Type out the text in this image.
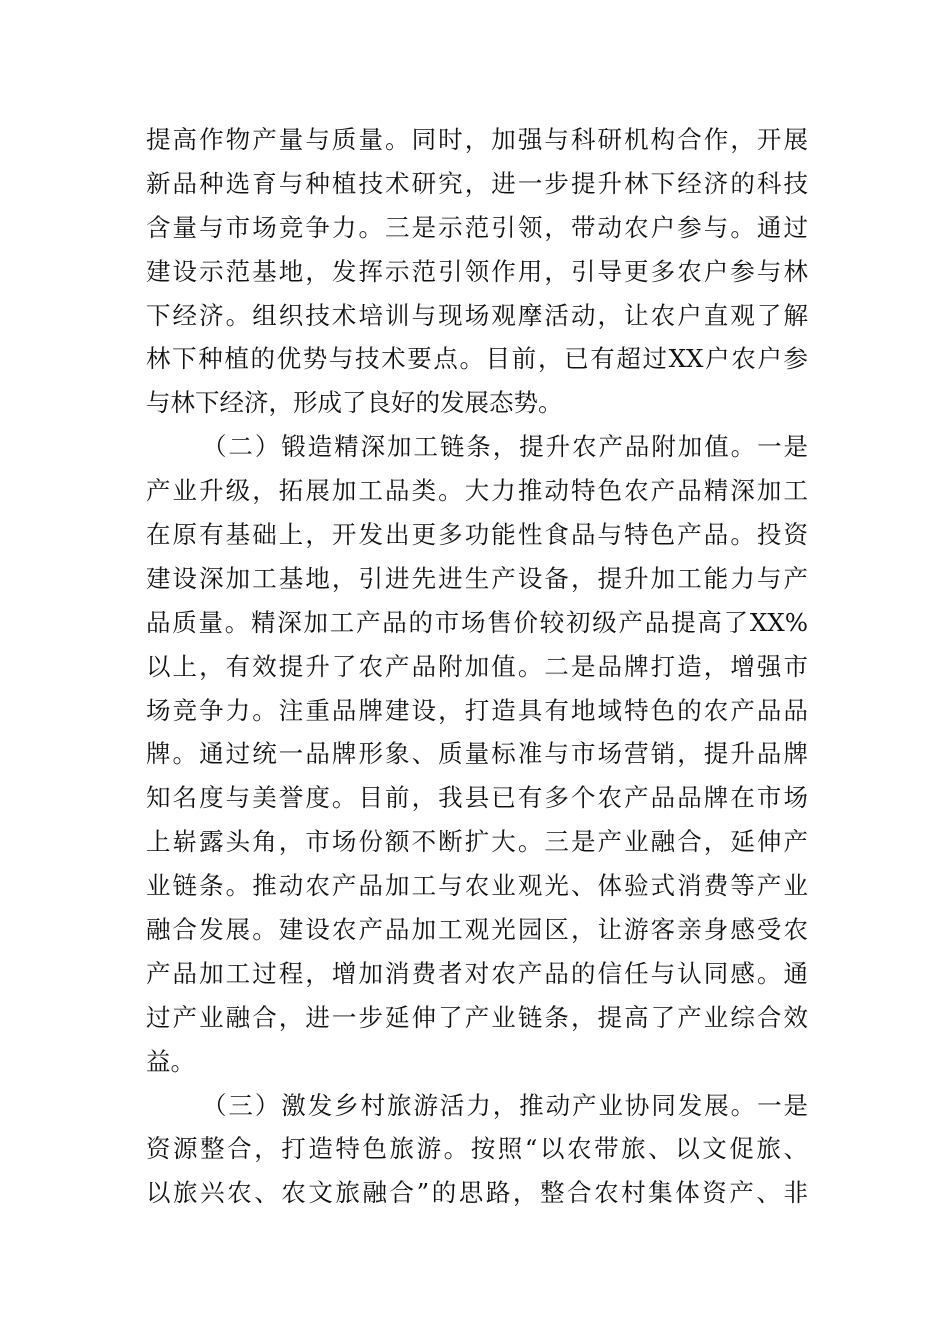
提高作物产量与质量。同时，加强与科研机构合作，开展
新品种选育与种植技术研究，进一步提升林下经济的科技
含量与市场竞争力。三是示范引领，带动农户参与。通过
建设示范基地，发挥示范引领作用，引导更多农户参与林
下经济。组织技术培训与现场观摩活动，让农户直观了解
林下种植的优势与技术要点。目前，已有超过XX户农户参
与林下经济，形成了良好的发展态势。
（二）锻造精深加工链条，提升农产品附加值。一是
产业升级，拓展加工品类。大力推动特色农产品精深加工
在原有基础上，开发出更多功能性食品与特色产品。投资
建设深加工基地，引进先进生产设备，提升加工能力与产
品质量。精深加工产品的市场售价较初级产品提高了XX%
以上，有效提升了农产品附加值。二是品牌打造，增强市
场竞争力。注重品牌建设，打造具有地域特色的农产品品
牌。通过统一品牌形象、质量标准与市场营销，提升品牌
知名度与美誉度。目前，我县已有多个农产品品牌在市场
上崭露头角，市场份额不断扩大。三是产业融合，延伸产
业链条。推动农产品加工与农业观光、体验式消费等产业
融合发展。建设农产品加工观光园区，让游客亲身感受农
产品加工过程，增加消费者对农产品的信任与认同感。通
过产业融合，进一步延伸了产业链条，提高了产业综合效
益。
（三）激发乡村旅游活力，推动产业协同发展。一是
资源整合，打造特色旅游。按照“以农带旅、以文促旅、
以旅兴农、农文旅融合”的思路，整合农村集体资产、非
